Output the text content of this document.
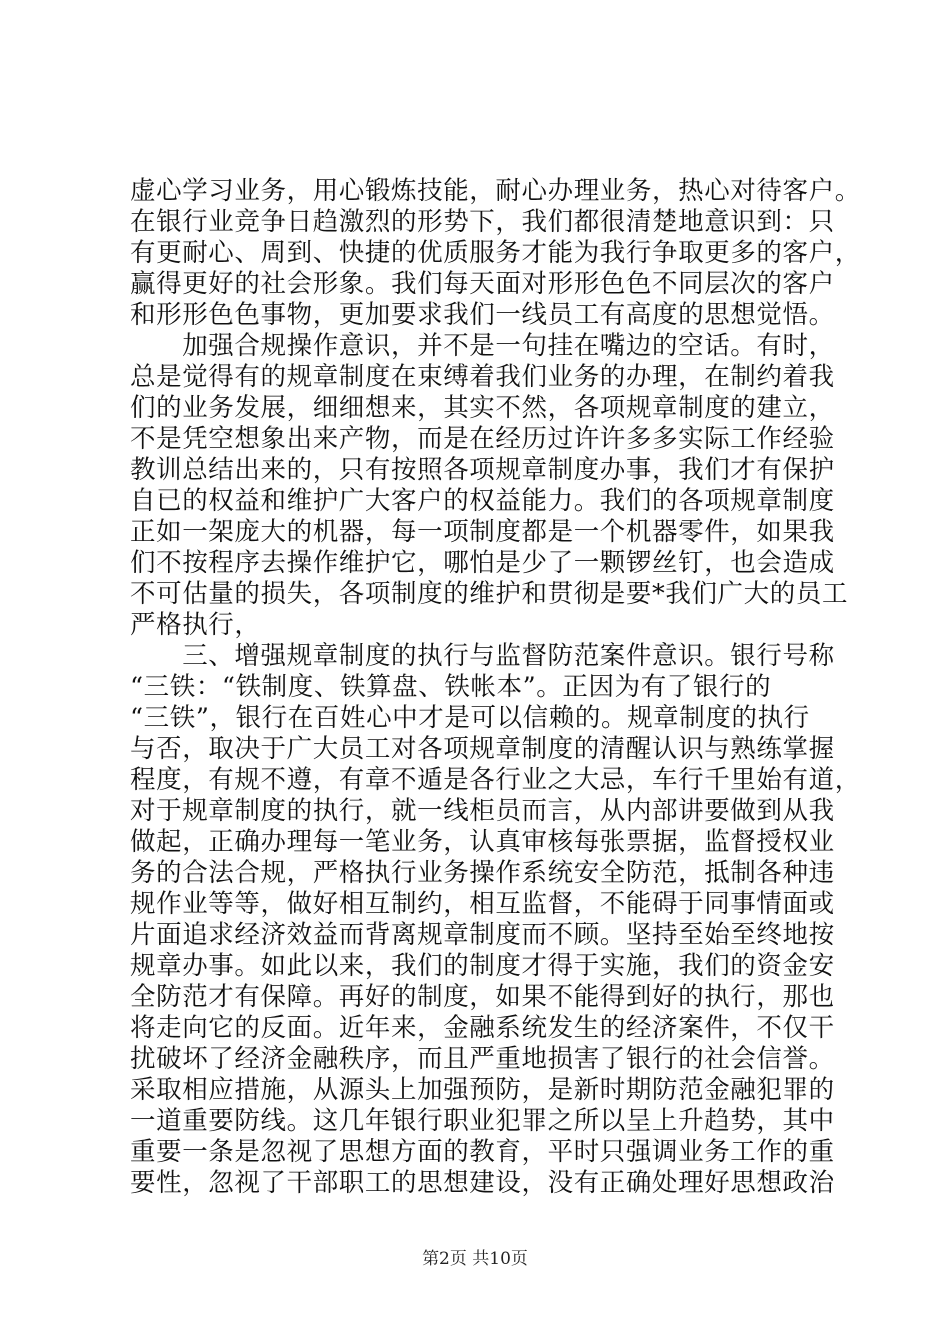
虚心学习业务，用心锻炼技能，耐心办理业务，热心对待客户。
在银行业竞争日趋激烈的形势下，我们都很清楚地意识到：只
有更耐心、周到、快捷的优质服务才能为我行争取更多的客户，
赢得更好的社会形象。我们每天面对形形色色不同层次的客户
和形形色色事物，更加要求我们一线员工有高度的思想觉悟。
　　加强合规操作意识，并不是一句挂在嘴边的空话。有时，
总是觉得有的规章制度在束缚着我们业务的办理，在制约着我
们的业务发展，细细想来，其实不然，各项规章制度的建立，
不是凭空想象出来产物，而是在经历过许许多多实际工作经验
教训总结出来的，只有按照各项规章制度办事，我们才有保护
自已的权益和维护广大客户的权益能力。我们的各项规章制度
正如一架庞大的机器，每一项制度都是一个机器零件，如果我
们不按程序去操作维护它，哪怕是少了一颗锣丝钉，也会造成
不可估量的损失，各项制度的维护和贯彻是要*我们广大的员工
严格执行，
　　三、增强规章制度的执行与监督防范案件意识。银行号称
“三铁：“铁制度、铁算盘、铁帐本”。正因为有了银行的
“三铁”，银行在百姓心中才是可以信赖的。规章制度的执行
与否，取决于广大员工对各项规章制度的清醒认识与熟练掌握
程度，有规不遵，有章不遁是各行业之大忌，车行千里始有道，
对于规章制度的执行，就一线柜员而言，从内部讲要做到从我
做起，正确办理每一笔业务，认真审核每张票据，监督授权业
务的合法合规，严格执行业务操作系统安全防范，抵制各种违
规作业等等，做好相互制约，相互监督，不能碍于同事情面或
片面追求经济效益而背离规章制度而不顾。坚持至始至终地按
规章办事。如此以来，我们的制度才得于实施，我们的资金安
全防范才有保障。再好的制度，如果不能得到好的执行，那也
将走向它的反面。近年来，金融系统发生的经济案件，不仅干
扰破坏了经济金融秩序，而且严重地损害了银行的社会信誉。
采取相应措施，从源头上加强预防，是新时期防范金融犯罪的
一道重要防线。这几年银行职业犯罪之所以呈上升趋势，其中
重要一条是忽视了思想方面的教育，平时只强调业务工作的重
要性，忽视了干部职工的思想建设，没有正确处理好思想政治
第2页 共10页
